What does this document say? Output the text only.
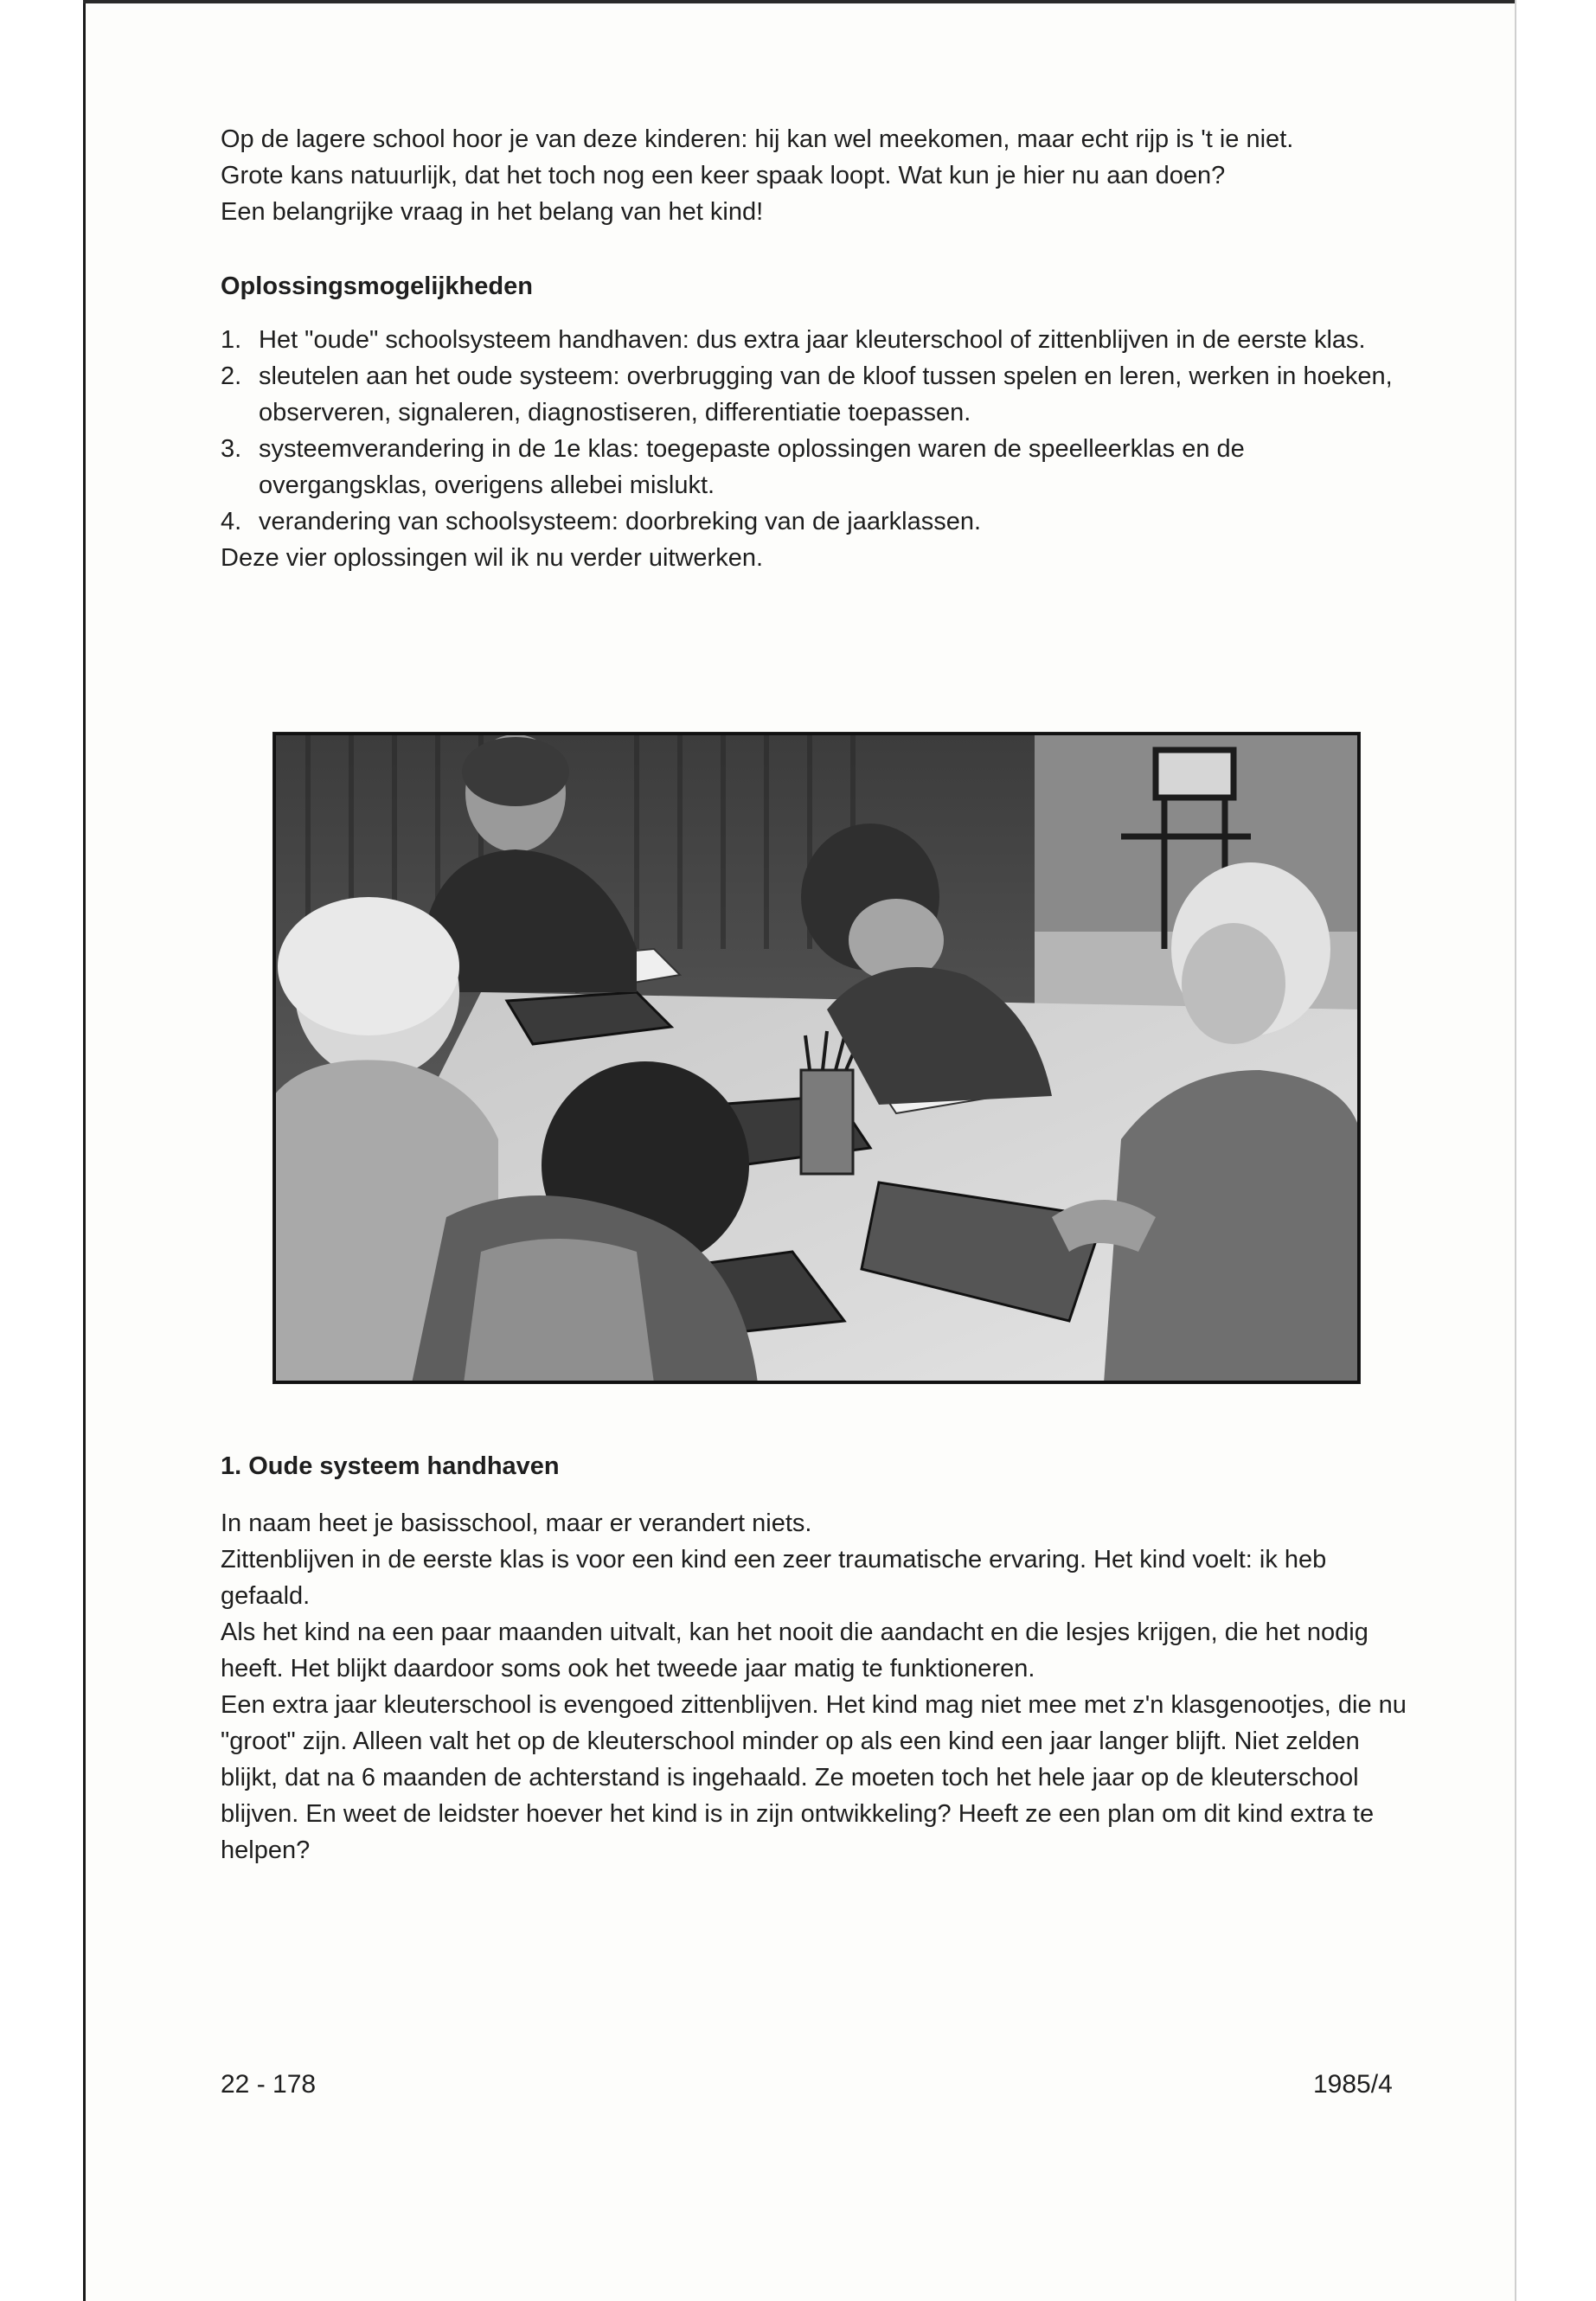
Op de lagere school hoor je van deze kinderen: hij kan wel meekomen, maar echt rijp is 't ie niet.

Grote kans natuurlijk, dat het toch nog een keer spaak loopt. Wat kun je hier nu aan doen?

Een belangrijke vraag in het belang van het kind!

Oplossingsmogelijkheden
1. Het "oude" schoolsysteem handhaven: dus extra jaar kleuterschool of zittenblijven in de eerste klas.
2. sleutelen aan het oude systeem: overbrugging van de kloof tussen spelen en leren, werken in hoeken, observeren, signaleren, diagnostiseren, differentiatie toepassen.
3. systeemverandering in de 1e klas: toegepaste oplossingen waren de speelleerklas en de overgangsklas, overigens allebei mislukt.
4. verandering van schoolsysteem: doorbreking van de jaarklassen.

Deze vier oplossingen wil ik nu verder uitwerken.

1. Oude systeem handhaven

In naam heet je basisschool, maar er verandert niets.

Zittenblijven in de eerste klas is voor een kind een zeer traumatische ervaring. Het kind voelt: ik heb gefaald.

Als het kind na een paar maanden uitvalt, kan het nooit die aandacht en die lesjes krijgen, die het nodig heeft. Het blijkt daardoor soms ook het tweede jaar matig te funktioneren.

Een extra jaar kleuterschool is evengoed zittenblijven. Het kind mag niet mee met z'n klasgenootjes, die nu "groot" zijn. Alleen valt het op de kleuterschool minder op als een kind een jaar langer blijft. Niet zelden blijkt, dat na 6 maanden de achterstand is ingehaald. Ze moeten toch het hele jaar op de kleuterschool blijven. En weet de leidster hoever het kind is in zijn ontwikkeling? Heeft ze een plan om dit kind extra te helpen?

22 - 178	1985/4
